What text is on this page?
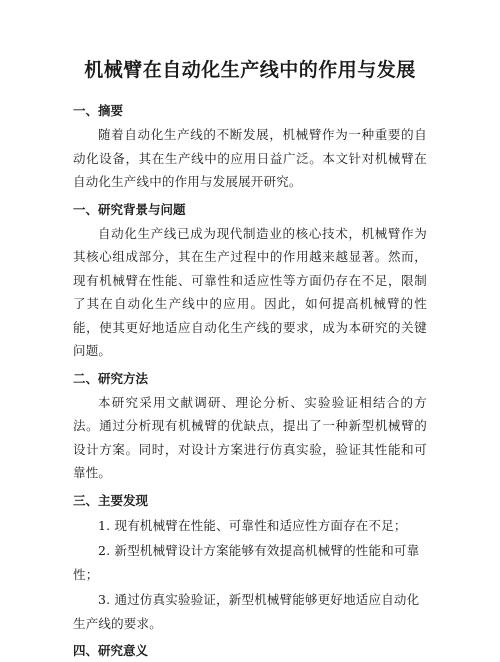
机械臂在自动化生产线中的作用与发展
一、摘要

随着自动化生产线的不断发展，机械臂作为一种重要的自动化设备，其在生产线中的应用日益广泛。本文针对机械臂在自动化生产线中的作用与发展展开研究。

一、研究背景与问题

自动化生产线已成为现代制造业的核心技术，机械臂作为其核心组成部分，其在生产过程中的作用越来越显著。然而，现有机械臂在性能、可靠性和适应性等方面仍存在不足，限制了其在自动化生产线中的应用。因此，如何提高机械臂的性能，使其更好地适应自动化生产线的要求，成为本研究的关键问题。

二、研究方法

本研究采用文献调研、理论分析、实验验证相结合的方法。通过分析现有机械臂的优缺点，提出了一种新型机械臂的设计方案。同时，对设计方案进行仿真实验，验证其性能和可靠性。

三、主要发现

1. 现有机械臂在性能、可靠性和适应性方面存在不足；

2. 新型机械臂设计方案能够有效提高机械臂的性能和可靠性；

3. 通过仿真实验验证，新型机械臂能够更好地适应自动化生产线的要求。

四、研究意义
